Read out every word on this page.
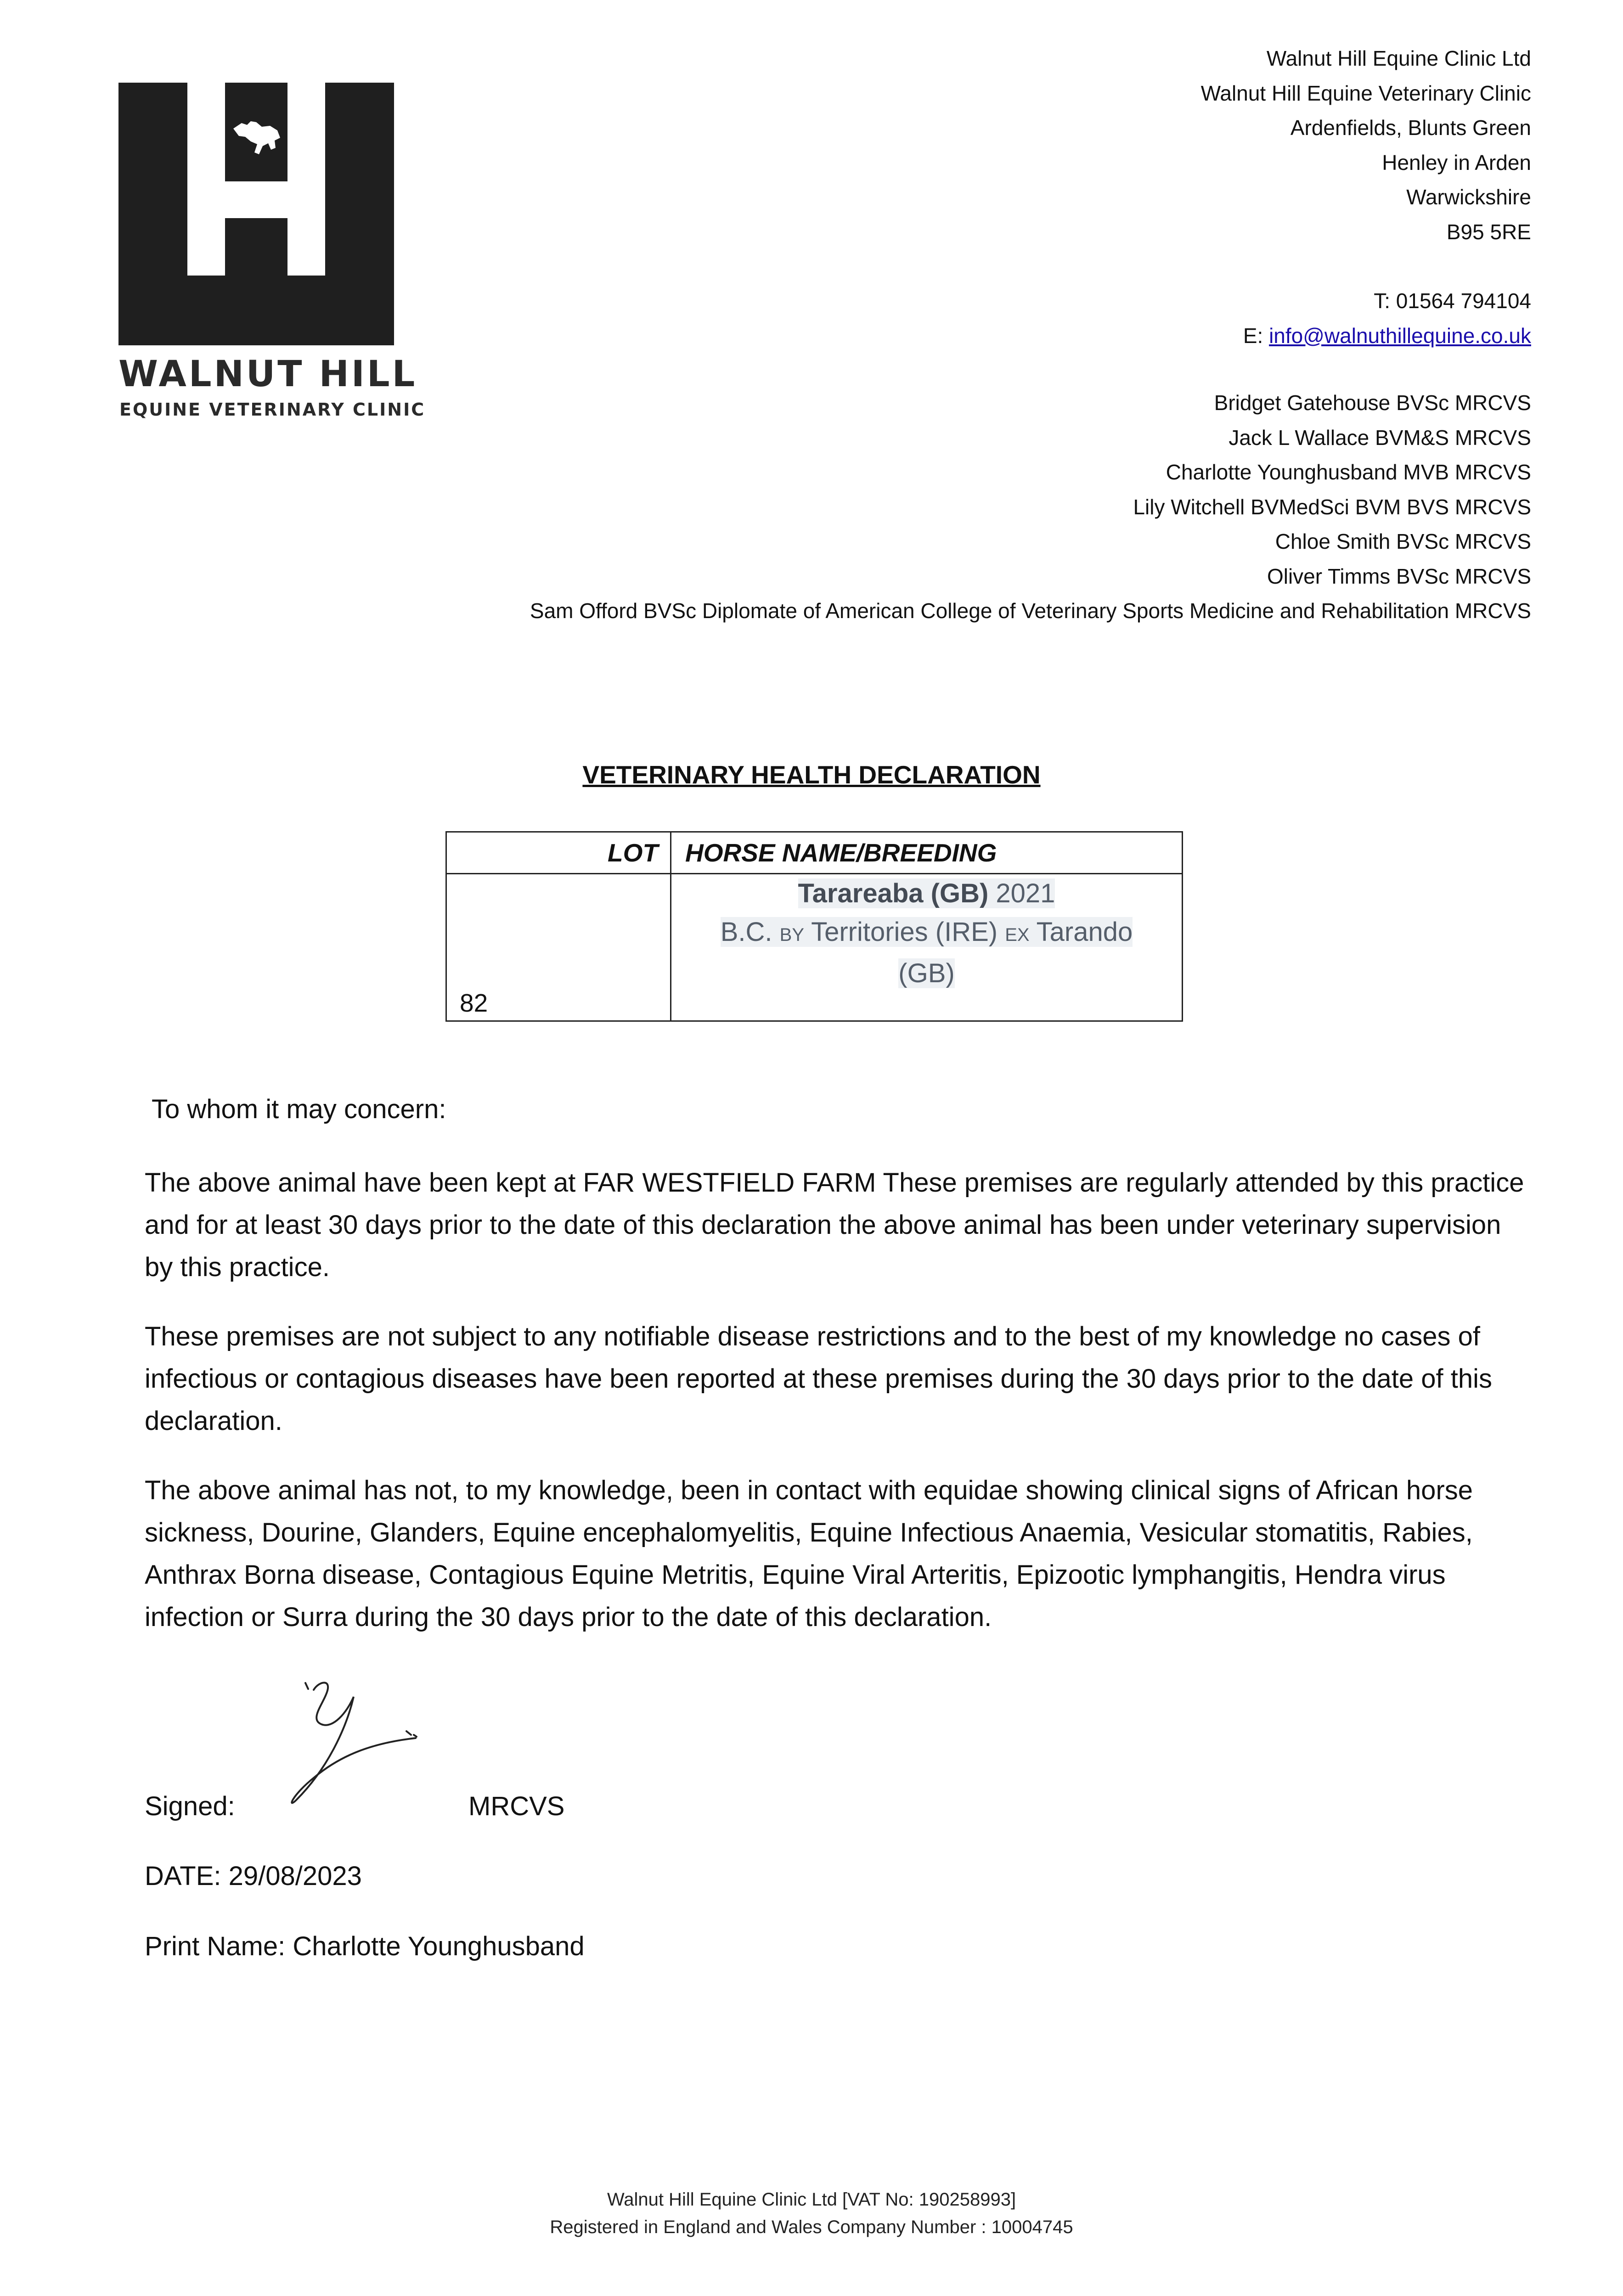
WALNUT HILL
EQUINE VETERINARY CLINIC
Walnut Hill Equine Clinic Ltd
Walnut Hill Equine Veterinary Clinic
Ardenfields, Blunts Green
Henley in Arden
Warwickshire
B95 5RE
T: 01564 794104
E: info@walnuthillequine.co.uk
Bridget Gatehouse BVSc MRCVS
Jack L Wallace BVM&S MRCVS
Charlotte Younghusband MVB MRCVS
Lily Witchell BVMedSci BVM BVS MRCVS
Chloe Smith BVSc MRCVS
Oliver Timms BVSc MRCVS
Sam Offord BVSc Diplomate of American College of Veterinary Sports Medicine and Rehabilitation MRCVS
VETERINARY HEALTH DECLARATION
LOT	HORSE NAME/BREEDING
82	Tarareaba (GB) 2021
B.C. BY Territories (IRE) EX Tarando
(GB)
To whom it may concern:
The above animal have been kept at FAR WESTFIELD FARM These premises are regularly attended by this practice and for at least 30 days prior to the date of this declaration the above animal has been under veterinary supervision by this practice.
These premises are not subject to any notifiable disease restrictions and to the best of my knowledge no cases of infectious or contagious diseases have been reported at these premises during the 30 days prior to the date of this declaration.
The above animal has not, to my knowledge, been in contact with equidae showing clinical signs of African horse sickness, Dourine, Glanders, Equine encephalomyelitis, Equine Infectious Anaemia, Vesicular stomatitis, Rabies, Anthrax Borna disease, Contagious Equine Metritis, Equine Viral Arteritis, Epizootic lymphangitis, Hendra virus infection or Surra during the 30 days prior to the date of this declaration.
Signed:	MRCVS
DATE: 29/08/2023
Print Name: Charlotte Younghusband
Walnut Hill Equine Clinic Ltd [VAT No: 190258993]
Registered in England and Wales Company Number : 10004745
